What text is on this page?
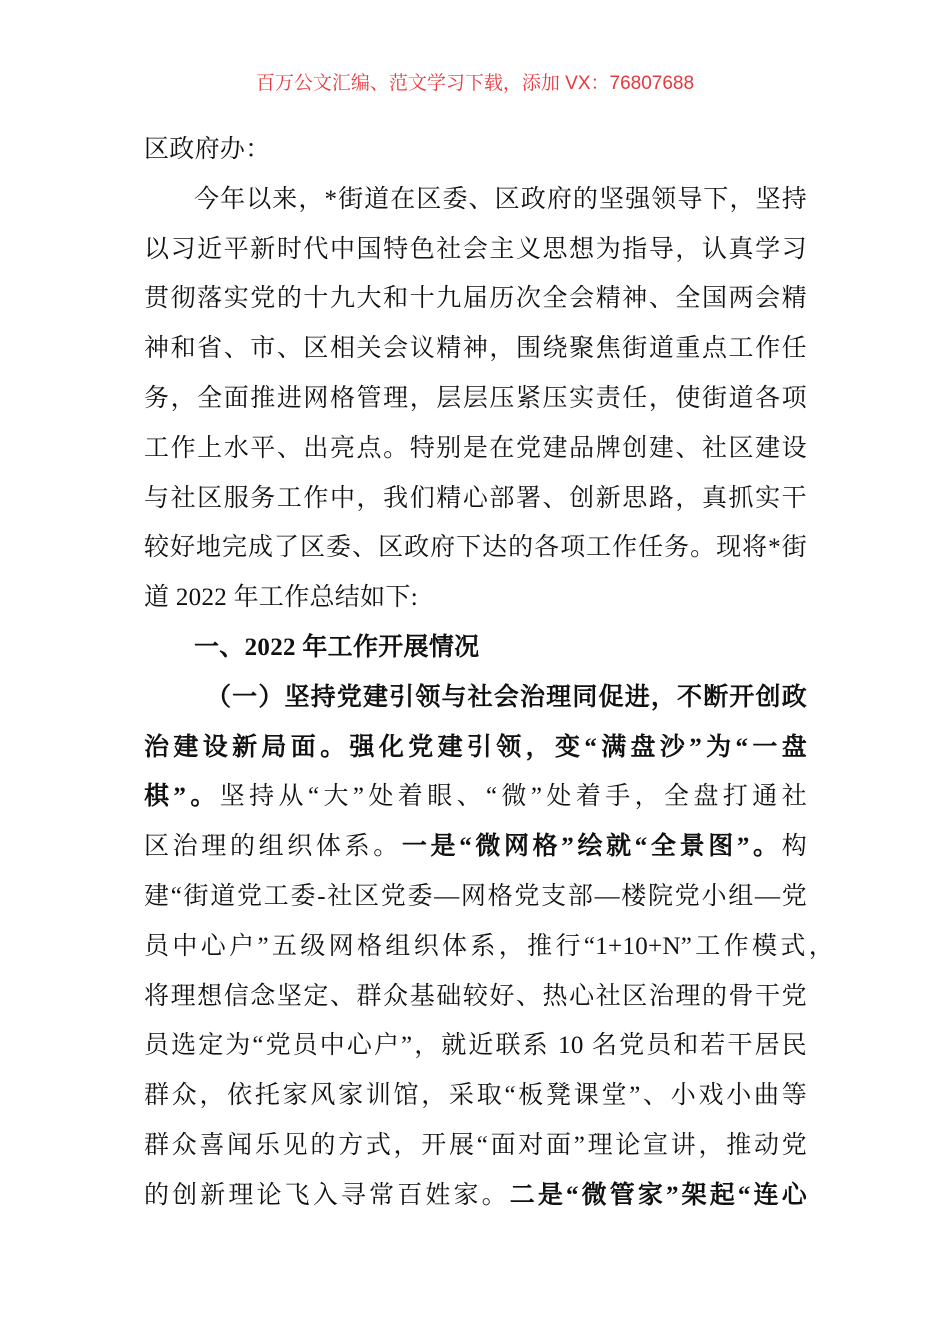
百万公文汇编、范文学习下载，添加 VX：76807688
区政府办：
今年以来，*街道在区委、区政府的坚强领导下，坚持
以习近平新时代中国特色社会主义思想为指导，认真学习
贯彻落实党的十九大和十九届历次全会精神、全国两会精
神和省、市、区相关会议精神，围绕聚焦街道重点工作任
务，全面推进网格管理，层层压紧压实责任，使街道各项
工作上水平、出亮点。特别是在党建品牌创建、社区建设
与社区服务工作中，我们精心部署、创新思路，真抓实干
较好地完成了区委、区政府下达的各项工作任务。现将*街
道 2022 年工作总结如下:
一、2022 年工作开展情况
（一）坚持党建引领与社会治理同促进，不断开创政
治建设新局面。强化党建引领，变“满盘沙”为“一盘
棋”。坚持从“大”处着眼、“微”处着手，全盘打通社
区治理的组织体系。一是“微网格”绘就“全景图”。构
建“街道党工委-社区党委—网格党支部—楼院党小组—党
员中心户”五级网格组织体系，推行“1+10+N”工作模式，
将理想信念坚定、群众基础较好、热心社区治理的骨干党
员选定为“党员中心户”，就近联系 10 名党员和若干居民
群众，依托家风家训馆，采取“板凳课堂”、小戏小曲等
群众喜闻乐见的方式，开展“面对面”理论宣讲，推动党
的创新理论飞入寻常百姓家。二是“微管家”架起“连心
